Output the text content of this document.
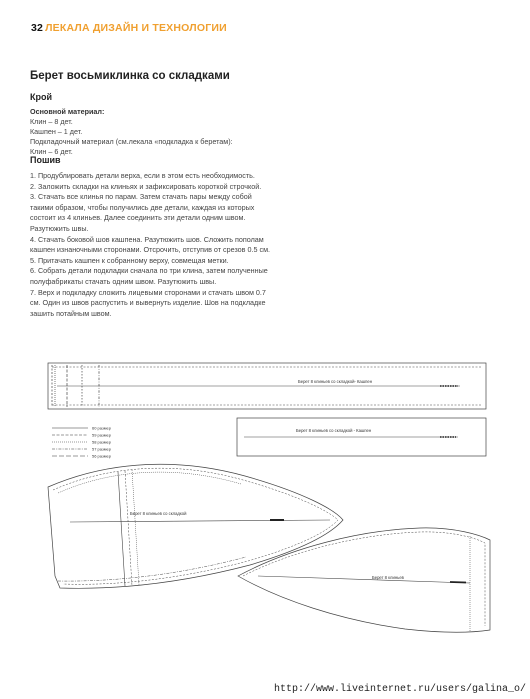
32 ЛЕКАЛА ДИЗАЙН И ТЕХНОЛОГИИ
Берет восьмиклинка со складками
Крой
Основной материал:
Клин – 8 дет.
Кашпен – 1 дет.
Подкладочный материал (см.лекала «подкладка к беретам):
Клин – 6 дет.
Пошив

1. Продублировать детали верха, если в этом есть необходимость.

2. Заложить складки на клиньях и зафиксировать короткой строчкой.

3. Стачать все клинья по парам. Затем стачать пары между собой такими образом, чтобы получились две детали, каждая из которых состоит из 4 клиньев. Далее соединить эти детали одним швом. Разутюжить швы.

4. Стачать боковой шов кашпена. Разутюжить шов. Сложить пополам кашпен изнаночными сторонами. Отсрочить, отступив от срезов 0.5 см.

5. Притачать кашпен к собранному верху, совмещая метки.

6. Собрать детали подкладки сначала по три клина, затем полученные полуфабрикаты стачать одним швом. Разутюжить швы.

7. Верх и подкладку сложить лицевыми сторонами и стачать швом 0.7 см. Один из швов распустить и вывернуть изделие. Шов на подкладке зашить потайным швом.

Берет 8 клиньев со складкой- Кашпен
60 размер
59 размер
58 размер
57 размер
56 размер
Берет 8 клиньев со складкой - Кашпен
Берет 8 клиньев со складкой
Берет 8 клиньев
http://www.liveinternet.ru/users/galina_o/
